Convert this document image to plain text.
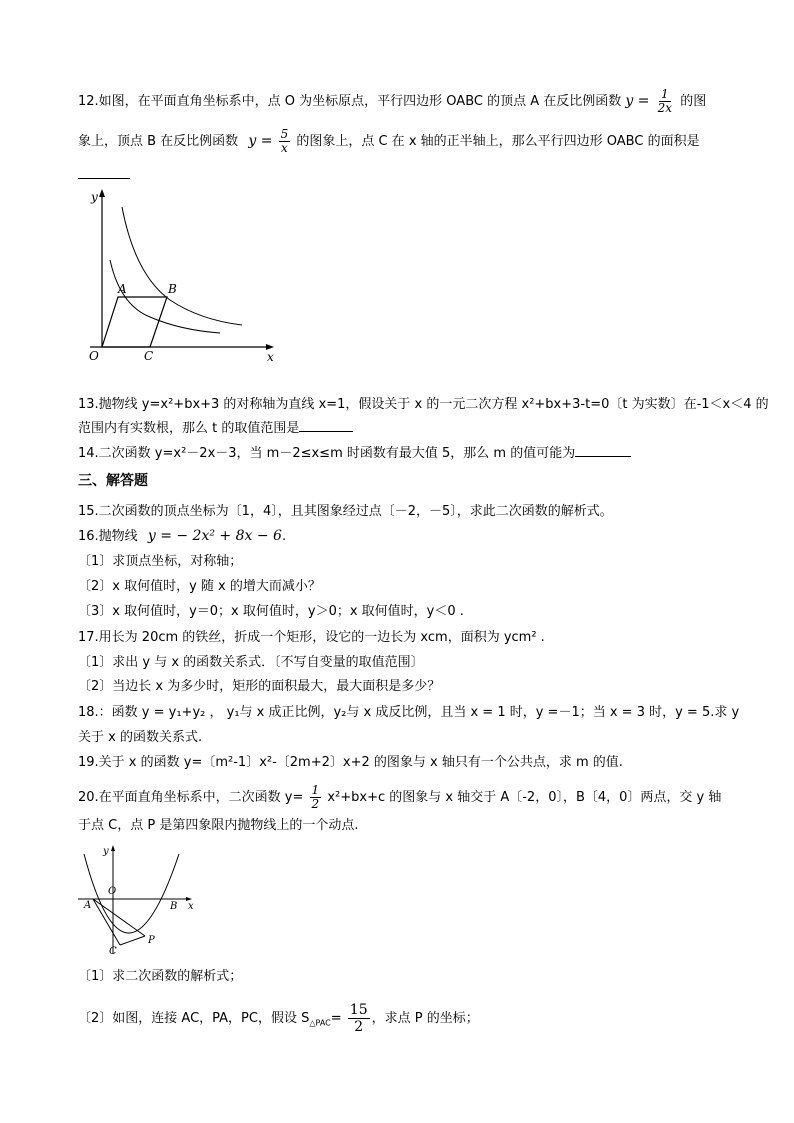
12.如图，在平面直角坐标系中，点 O 为坐标原点，平行四边形 OABC 的顶点 A 在反比例函数 $y = \frac{1}{2x}$ 的图
象上，顶点 B 在反比例函数 $y = \frac{5}{x}$ 的图象上，点 C 在 x 轴的正半轴上，那么平行四边形 OABC 的面积是
y
x
O
A	B
C
13.抛物线 y=x²+bx+3 的对称轴为直线 x=1，假设关于 x 的一元二次方程 x²+bx+3-t=0〔t 为实数〕在-1＜x＜4 的
范围内有实数根，那么 t 的取值范围是
14.二次函数 y=x²－2x－3，当 m－2≤x≤m 时函数有最大值 5，那么 m 的值可能为
三、解答题
15.二次函数的顶点坐标为〔1，4〕，且其图象经过点〔－2，－5〕，求此二次函数的解析式。
16.抛物线 y = − 2x² + 8x − 6.
〔1〕求顶点坐标，对称轴；
〔2〕x 取何值时，y 随 x 的增大而减小？
〔3〕x 取何值时，y＝0；x 取何值时，y＞0；x 取何值时，y＜0 .
17.用长为 20cm 的铁丝，折成一个矩形，设它的一边长为 xcm，面积为 ycm² .
〔1〕求出 y 与 x 的函数关系式．〔不写自变量的取值范围〕
〔2〕当边长 x 为多少时，矩形的面积最大，最大面积是多少？
18.：函数 y = y₁+y₂ ， y₁与 x 成正比例，y₂与 x 成反比例，且当 x = 1 时，y =－1；当 x = 3 时，y = 5.求 y
关于 x 的函数关系式.
19.关于 x 的函数 y=〔m²-1〕x²-〔2m+2〕x+2 的图象与 x 轴只有一个公共点，求 m 的值.
20.在平面直角坐标系中，二次函数 $y= \frac{1}{2} x^2+bx+c$ 的图象与 x 轴交于 A〔-2，0〕，B〔4，0〕两点，交 y 轴
于点 C，点 P 是第四象限内抛物线上的一个动点.
y
x
O
A	B
C
P
〔1〕求二次函数的解析式；
〔2〕如图，连接 AC，PA，PC，假设 $S_{\triangle PAC}= \frac{15}{2}$ ，求点 P 的坐标；
